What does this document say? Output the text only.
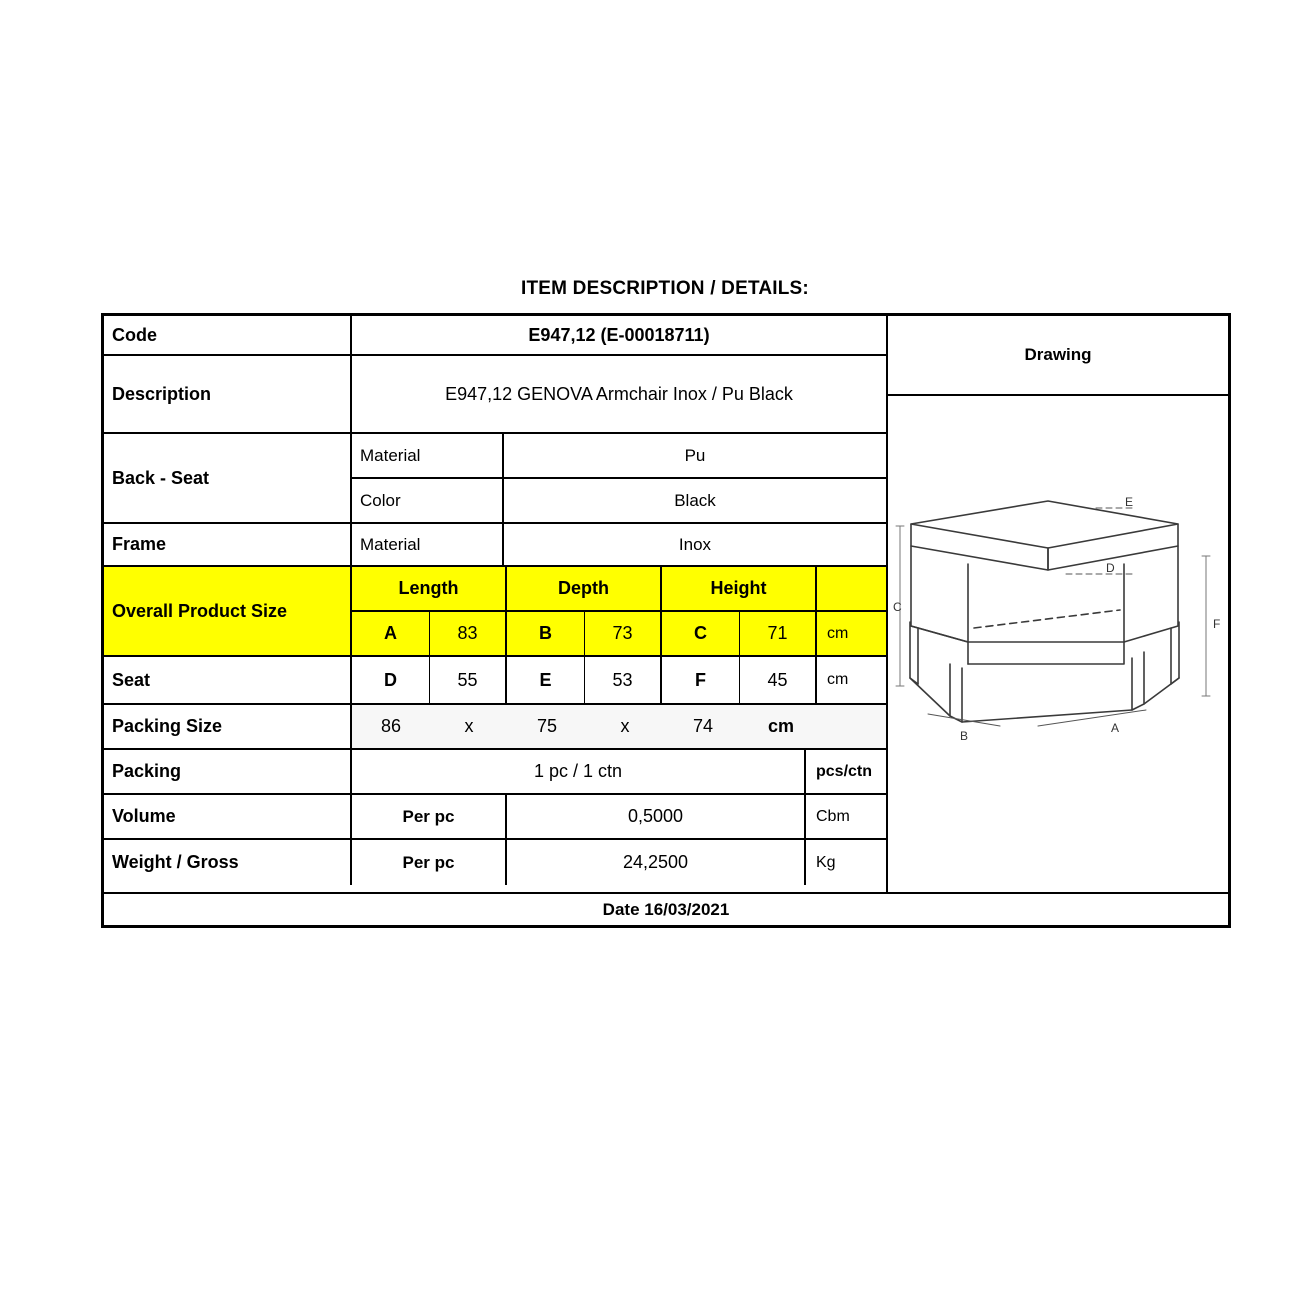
ITEM DESCRIPTION / DETAILS:
Code	E947,12 (E-00018711)
Description	E947,12 GENOVA Armchair Inox / Pu Black
Back - Seat
Material	Pu
Color	Black
Frame	Material	Inox
Overall Product Size
Length	Depth	Height
A	83	B	73	C	71	cm
Seat	D	55	E	53	F	45	cm
Packing Size	86	x	75	x	74	cm
Packing	1 pc / 1 ctn	pcs/ctn
Volume	Per pc	0,5000	Cbm
Weight / Gross	Per pc	24,2500	Kg
Drawing
E
D
C
F
A
B
Date 16/03/2021
